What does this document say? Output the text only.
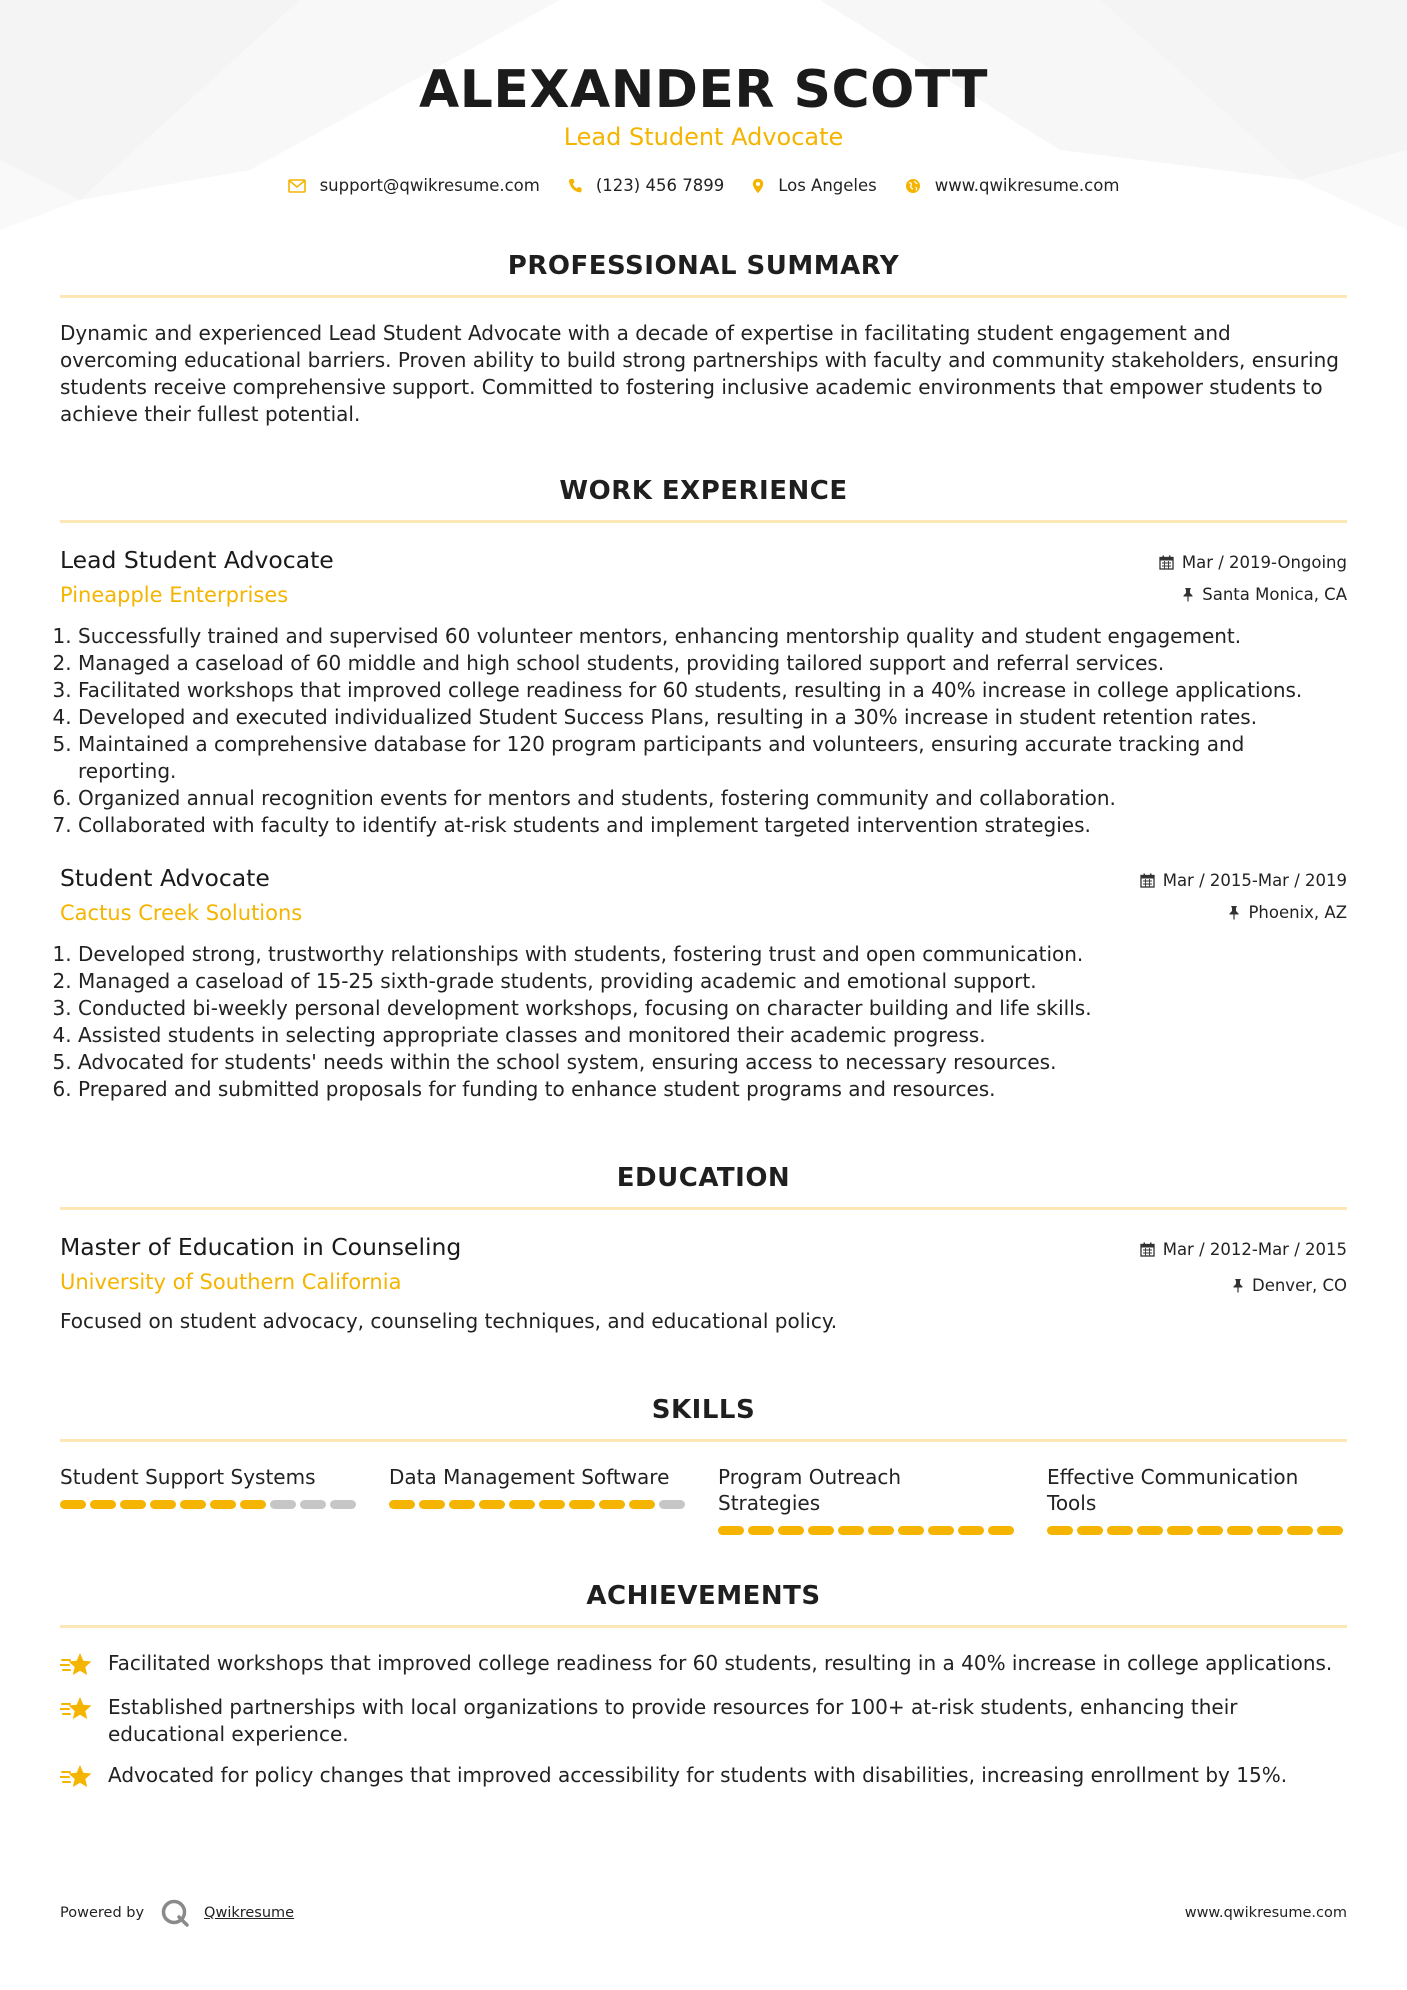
ALEXANDER SCOTT
Lead Student Advocate
support@qwikresume.com	(123) 456 7899	Los Angeles	www.qwikresume.com
PROFESSIONAL SUMMARY
Dynamic and experienced Lead Student Advocate with a decade of expertise in facilitating student engagement and overcoming educational barriers. Proven ability to build strong partnerships with faculty and community stakeholders, ensuring students receive comprehensive support. Committed to fostering inclusive academic environments that empower students to achieve their fullest potential.
WORK EXPERIENCE
Lead Student Advocate
Pineapple Enterprises
Mar / 2019-Ongoing
Santa Monica, CA
1. Successfully trained and supervised 60 volunteer mentors, enhancing mentorship quality and student engagement.
2. Managed a caseload of 60 middle and high school students, providing tailored support and referral services.
3. Facilitated workshops that improved college readiness for 60 students, resulting in a 40% increase in college applications.
4. Developed and executed individualized Student Success Plans, resulting in a 30% increase in student retention rates.
5. Maintained a comprehensive database for 120 program participants and volunteers, ensuring accurate tracking and reporting.
6. Organized annual recognition events for mentors and students, fostering community and collaboration.
7. Collaborated with faculty to identify at-risk students and implement targeted intervention strategies.
Student Advocate
Cactus Creek Solutions
Mar / 2015-Mar / 2019
Phoenix, AZ
1. Developed strong, trustworthy relationships with students, fostering trust and open communication.
2. Managed a caseload of 15-25 sixth-grade students, providing academic and emotional support.
3. Conducted bi-weekly personal development workshops, focusing on character building and life skills.
4. Assisted students in selecting appropriate classes and monitored their academic progress.
5. Advocated for students' needs within the school system, ensuring access to necessary resources.
6. Prepared and submitted proposals for funding to enhance student programs and resources.
EDUCATION
Master of Education in Counseling
University of Southern California
Mar / 2012-Mar / 2015
Denver, CO
Focused on student advocacy, counseling techniques, and educational policy.
SKILLS
Student Support Systems	Data Management Software	Program Outreach Strategies
Effective Communication Tools
ACHIEVEMENTS
Facilitated workshops that improved college readiness for 60 students, resulting in a 40% increase in college applications.
Established partnerships with local organizations to provide resources for 100+ at-risk students, enhancing their educational experience.
Advocated for policy changes that improved accessibility for students with disabilities, increasing enrollment by 15%.
Powered by	Qwikresume	www.qwikresume.com
